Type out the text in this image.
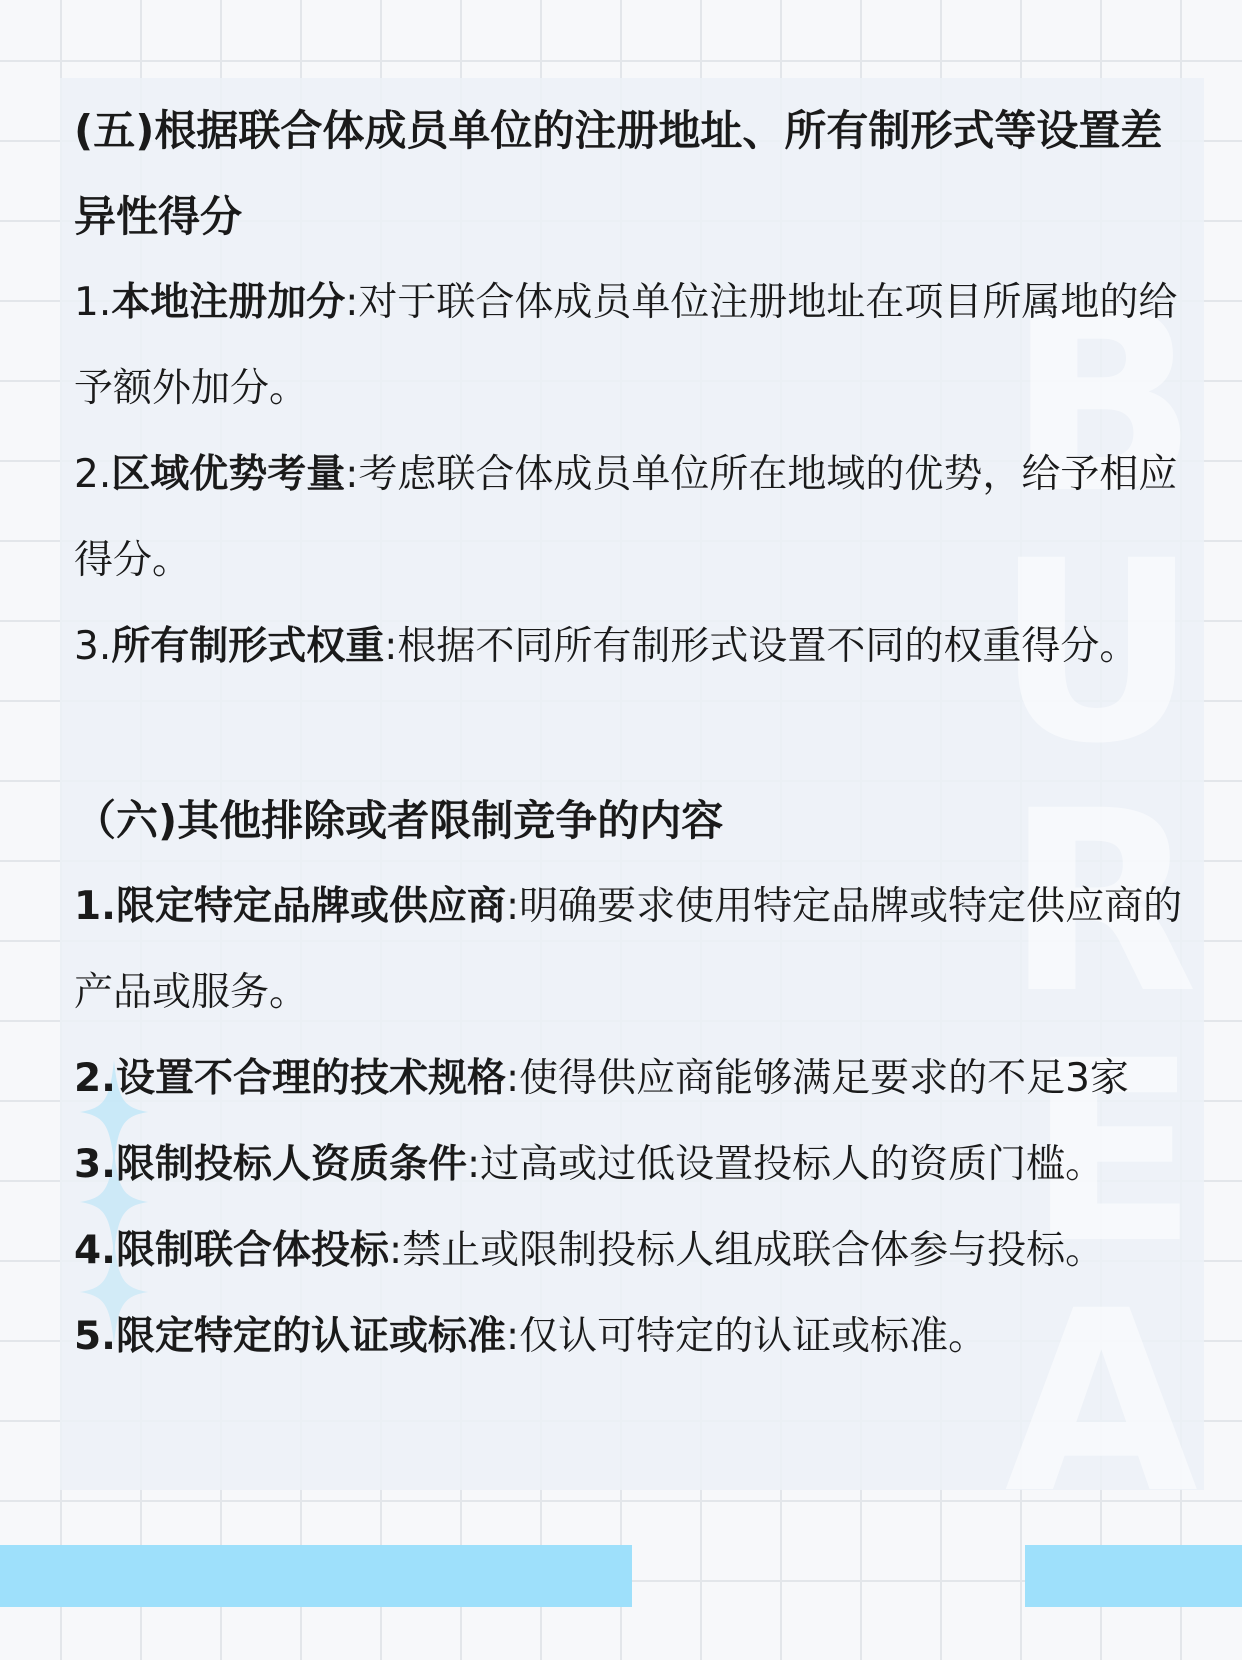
B
U
R
E
A
(五)根据联合体成员单位的注册地址、所有制形式等设置差
异性得分
1.本地注册加分:对于联合体成员单位注册地址在项目所属地的给
予额外加分。
2.区域优势考量:考虑联合体成员单位所在地域的优势，给予相应
得分。
3.所有制形式权重:根据不同所有制形式设置不同的权重得分。
（六)其他排除或者限制竞争的内容
1.限定特定品牌或供应商:明确要求使用特定品牌或特定供应商的
产品或服务。
2.设置不合理的技术规格:使得供应商能够满足要求的不足3家
3.限制投标人资质条件:过高或过低设置投标人的资质门槛。
4.限制联合体投标:禁止或限制投标人组成联合体参与投标。
5.限定特定的认证或标准:仅认可特定的认证或标准。
